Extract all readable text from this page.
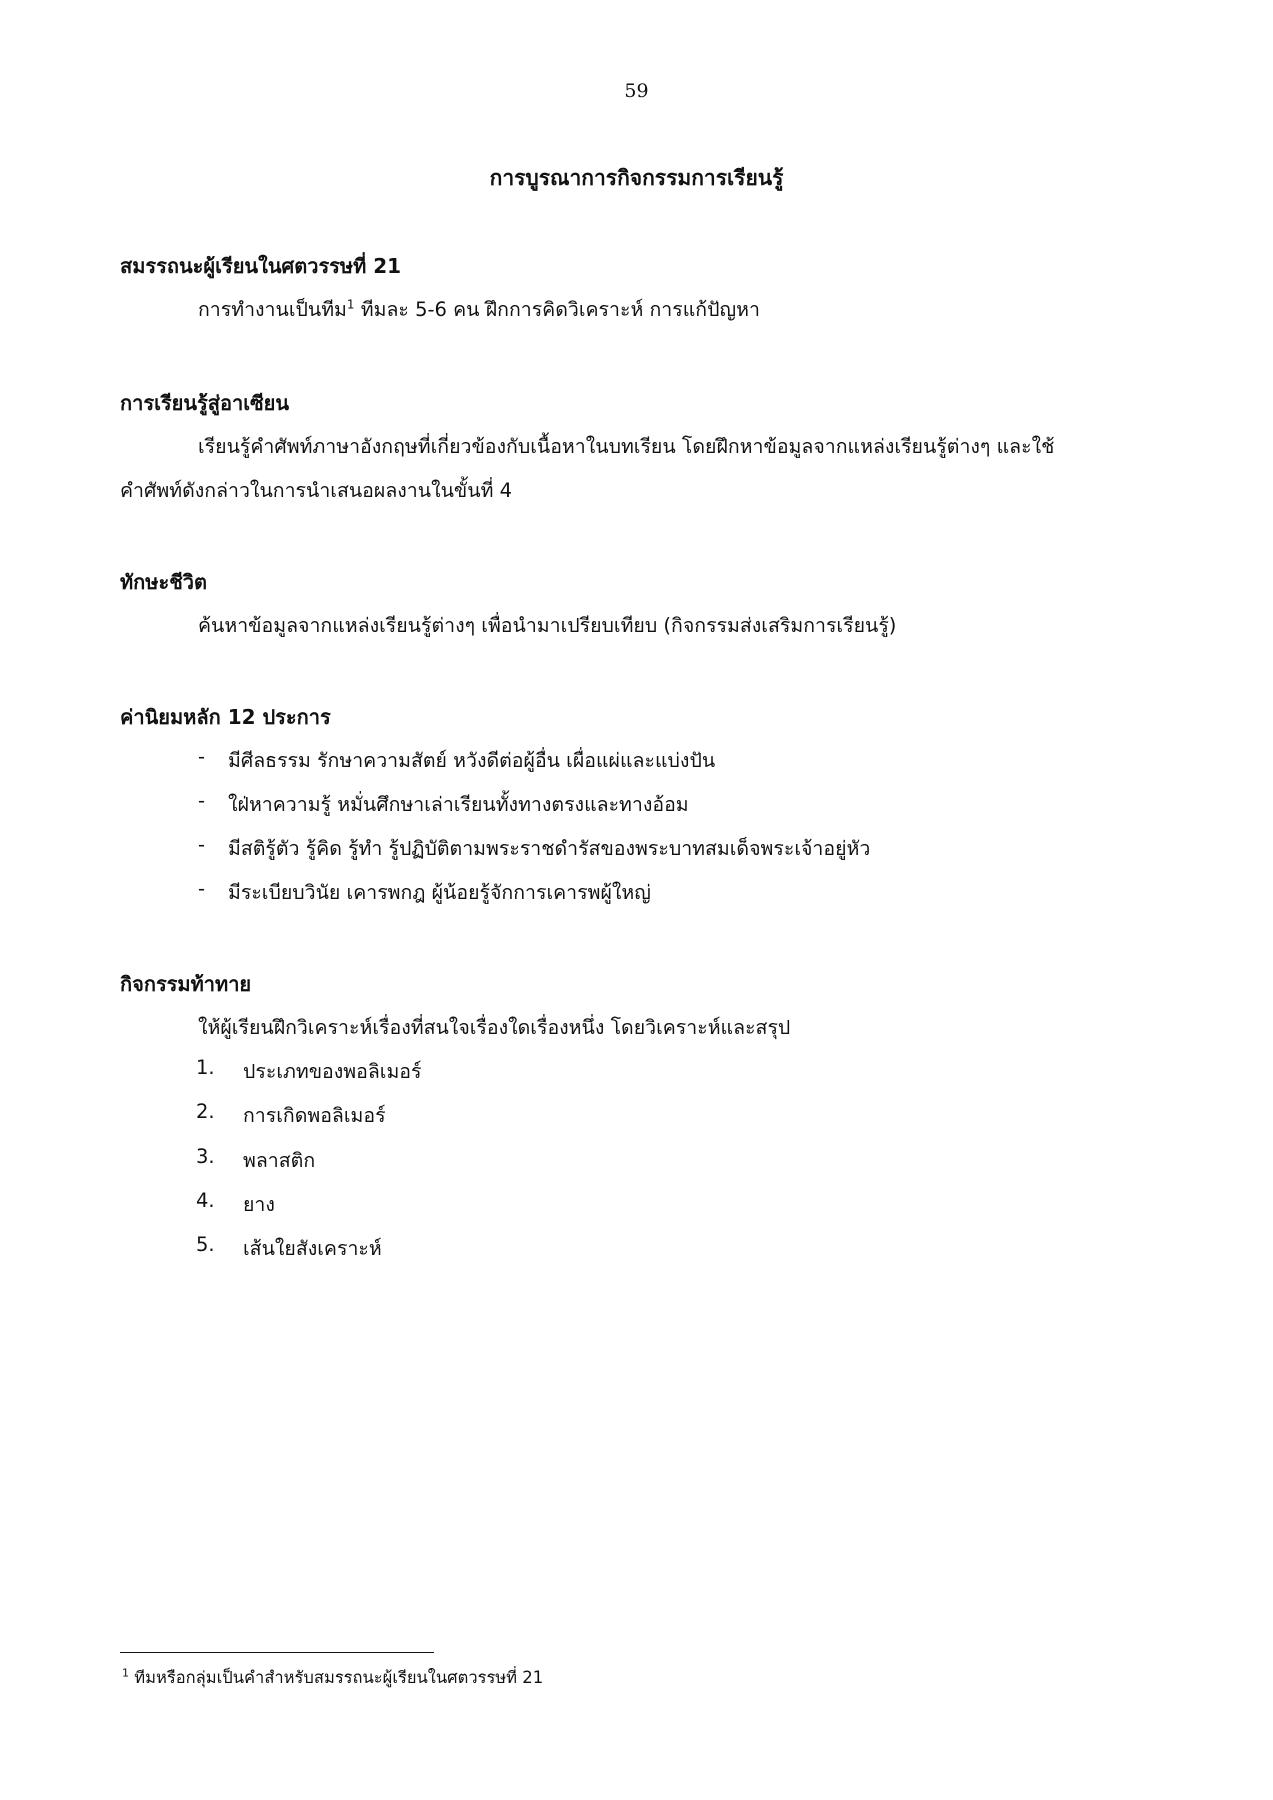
59
การบูรณาการกิจกรรมการเรียนรู้
สมรรถนะผู้เรียนในศตวรรษที่ 21
การทำงานเป็นทีม$^1$ ทีมละ 5-6 คน ฝึกการคิดวิเคราะห์ การแก้ปัญหา
การเรียนรู้สู่อาเซียน
เรียนรู้คำศัพท์ภาษาอังกฤษที่เกี่ยวข้องกับเนื้อหาในบทเรียน โดยฝึกหาข้อมูลจากแหล่งเรียนรู้ต่างๆ และใช้
คำศัพท์ดังกล่าวในการนำเสนอผลงานในขั้นที่ 4
ทักษะชีวิต
ค้นหาข้อมูลจากแหล่งเรียนรู้ต่างๆ เพื่อนำมาเปรียบเทียบ (กิจกรรมส่งเสริมการเรียนรู้)
ค่านิยมหลัก 12 ประการ
- มีศีลธรรม รักษาความสัตย์ หวังดีต่อผู้อื่น เผื่อแผ่และแบ่งปัน
- ใฝ่หาความรู้ หมั่นศึกษาเล่าเรียนทั้งทางตรงและทางอ้อม
- มีสติรู้ตัว รู้คิด รู้ทำ รู้ปฏิบัติตามพระราชดำรัสของพระบาทสมเด็จพระเจ้าอยู่หัว
- มีระเบียบวินัย เคารพกฎ ผู้น้อยรู้จักการเคารพผู้ใหญ่
กิจกรรมท้าทาย
ให้ผู้เรียนฝึกวิเคราะห์เรื่องที่สนใจเรื่องใดเรื่องหนึ่ง โดยวิเคราะห์และสรุป
1. ประเภทของพอลิเมอร์
2. การเกิดพอลิเมอร์
3. พลาสติก
4. ยาง
5. เส้นใยสังเคราะห์
$^1$ ทีมหรือกลุ่มเป็นคำสำหรับสมรรถนะผู้เรียนในศตวรรษที่ 21
